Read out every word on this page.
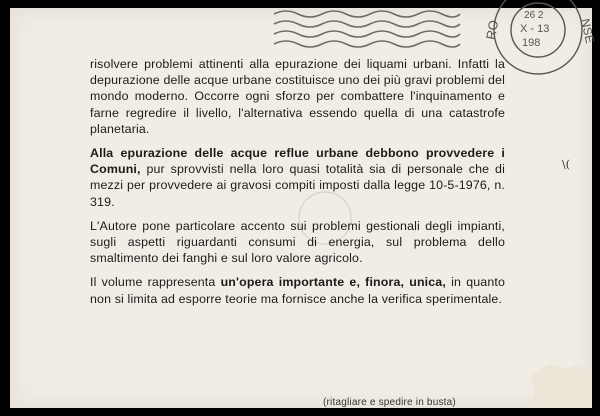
RO	NSE
26 2
X - 13
198

risolvere problemi attinenti alla epurazione dei liquami urbani. Infatti la depurazione delle acque urbane costituisce uno dei più gravi problemi del mondo moderno. Occorre ogni sforzo per combattere l'inquinamento e farne regredire il livello, l'alternativa essendo quella di una catastrofe planetaria.

Alla epurazione delle acque reflue urbane debbono provvedere i Comuni, pur sprovvisti nella loro quasi totalità sia di personale che di mezzi per provvedere ai gravosi compiti imposti dalla legge 10-5-1976, n. 319.

L'Autore pone particolare accento sui problemi gestionali degli impianti, sugli aspetti riguardanti consumi di energia, sul problema dello smaltimento dei fanghi e sul loro valore agricolo.

Il volume rappresenta un'opera importante e, finora, unica, in quanto non si limita ad esporre teorie ma fornisce anche la verifica sperimentale.

\(
(ritagliare e spedire in busta)
